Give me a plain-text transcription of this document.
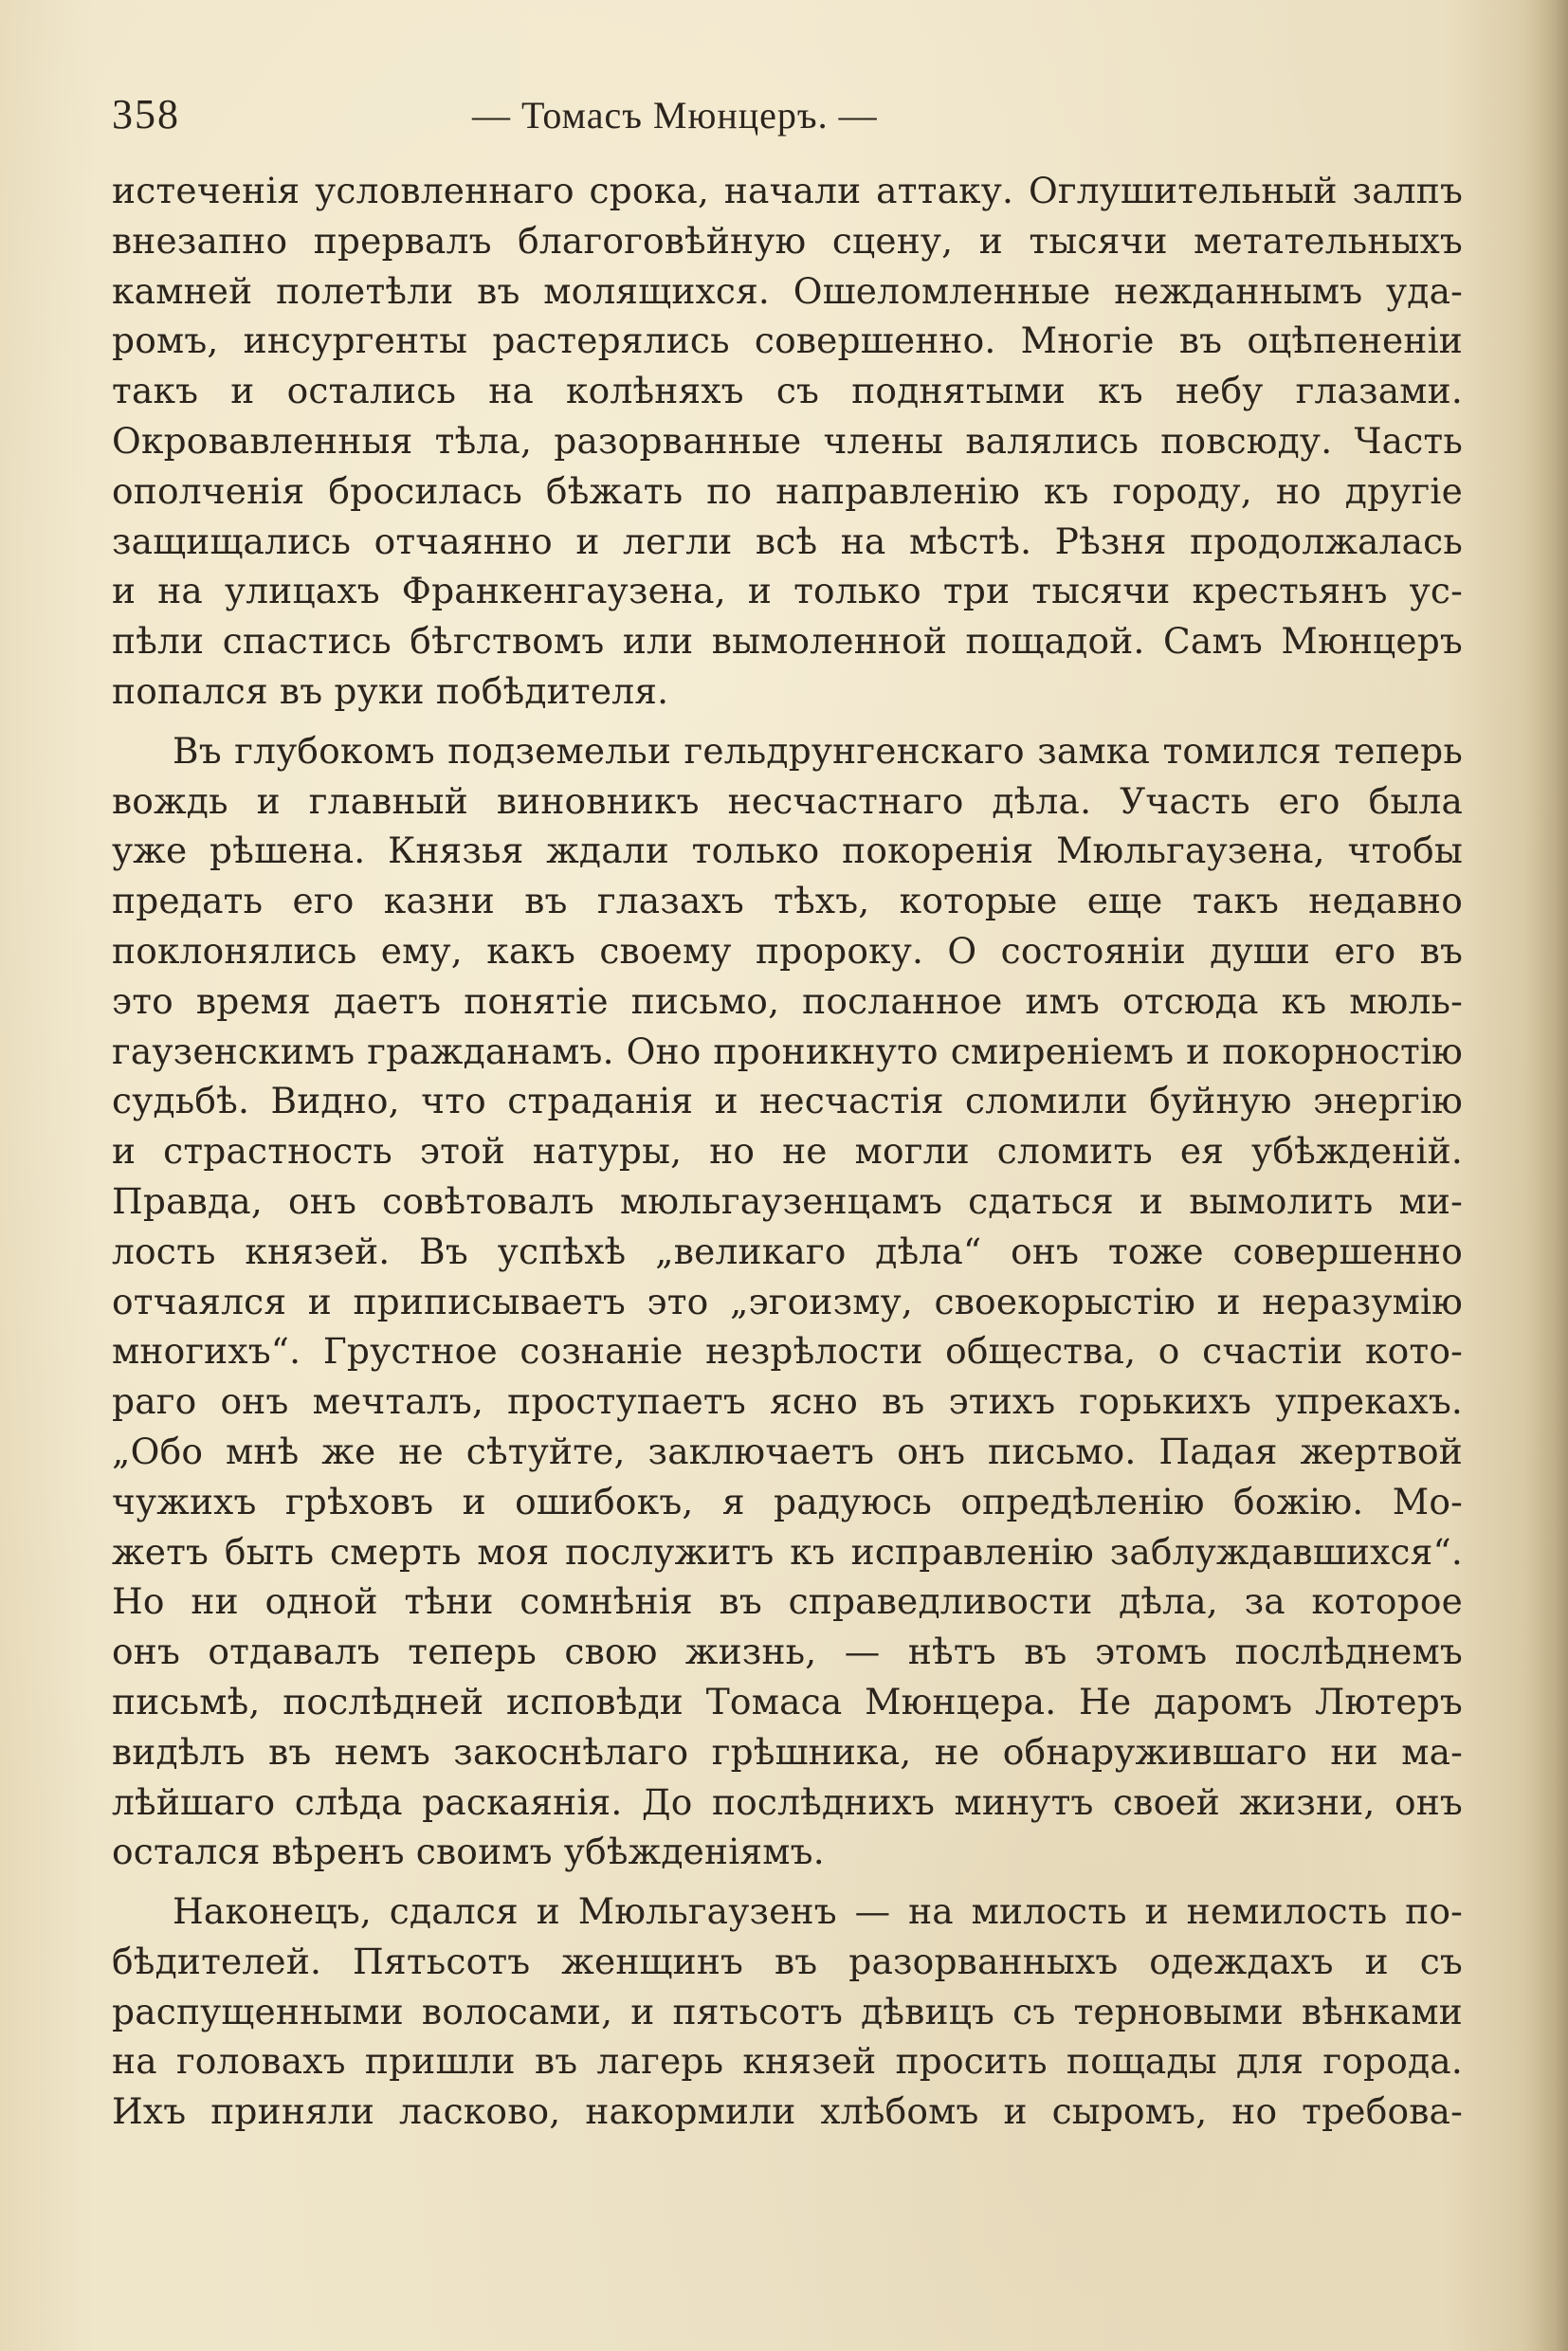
358	— Томасъ Мюнцеръ. —
истеченія условленнаго срока, начали аттаку. Оглушительный залпъ
внезапно прервалъ благоговѣйную сцену, и тысячи метательныхъ
камней полетѣли въ молящихся. Ошеломленные нежданнымъ уда-
ромъ, инсургенты растерялись совершенно. Многіе въ оцѣпененіи
такъ и остались на колѣняхъ съ поднятыми къ небу глазами.
Окровавленныя тѣла, разорванные члены валялись повсюду. Часть
ополченія бросилась бѣжать по направленію къ городу, но другіе
защищались отчаянно и легли всѣ на мѣстѣ. Рѣзня продолжалась
и на улицахъ Франкенгаузена, и только три тысячи крестьянъ ус-
пѣли спастись бѣгствомъ или вымоленной пощадой. Самъ Мюнцеръ
попался въ руки побѣдителя.
Въ глубокомъ подземельи гельдрунгенскаго замка томился теперь
вождь и главный виновникъ несчастнаго дѣла. Участь его была
уже рѣшена. Князья ждали только покоренія Мюльгаузена, чтобы
предать его казни въ глазахъ тѣхъ, которые еще такъ недавно
поклонялись ему, какъ своему пророку. О состояніи души его въ
это время даетъ понятіе письмо, посланное имъ отсюда къ мюль-
гаузенскимъ гражданамъ. Оно проникнуто смиреніемъ и покорностію
судьбѣ. Видно, что страданія и несчастія сломили буйную энергію
и страстность этой натуры, но не могли сломить ея убѣжденій.
Правда, онъ совѣтовалъ мюльгаузенцамъ сдаться и вымолить ми-
лость князей. Въ успѣхѣ „великаго дѣла“ онъ тоже совершенно
отчаялся и приписываетъ это „эгоизму, своекорыстію и неразумію
многихъ“. Грустное сознаніе незрѣлости общества, о счастіи кото-
раго онъ мечталъ, проступаетъ ясно въ этихъ горькихъ упрекахъ.
„Обо мнѣ же не сѣтуйте, заключаетъ онъ письмо. Падая жертвой
чужихъ грѣховъ и ошибокъ, я радуюсь опредѣленію божію. Мо-
жетъ быть смерть моя послужитъ къ исправленію заблуждавшихся“.
Но ни одной тѣни сомнѣнія въ справедливости дѣла, за которое
онъ отдавалъ теперь свою жизнь, — нѣтъ въ этомъ послѣднемъ
письмѣ, послѣдней исповѣди Томаса Мюнцера. Не даромъ Лютеръ
видѣлъ въ немъ закоснѣлаго грѣшника, не обнаружившаго ни ма-
лѣйшаго слѣда раскаянія. До послѣднихъ минутъ своей жизни, онъ
остался вѣренъ своимъ убѣжденіямъ.
Наконецъ, сдался и Мюльгаузенъ — на милость и немилость по-
бѣдителей. Пятьсотъ женщинъ въ разорванныхъ одеждахъ и съ
распущенными волосами, и пятьсотъ дѣвицъ съ терновыми вѣнками
на головахъ пришли въ лагерь князей просить пощады для города.
Ихъ приняли ласково, накормили хлѣбомъ и сыромъ, но требова-
